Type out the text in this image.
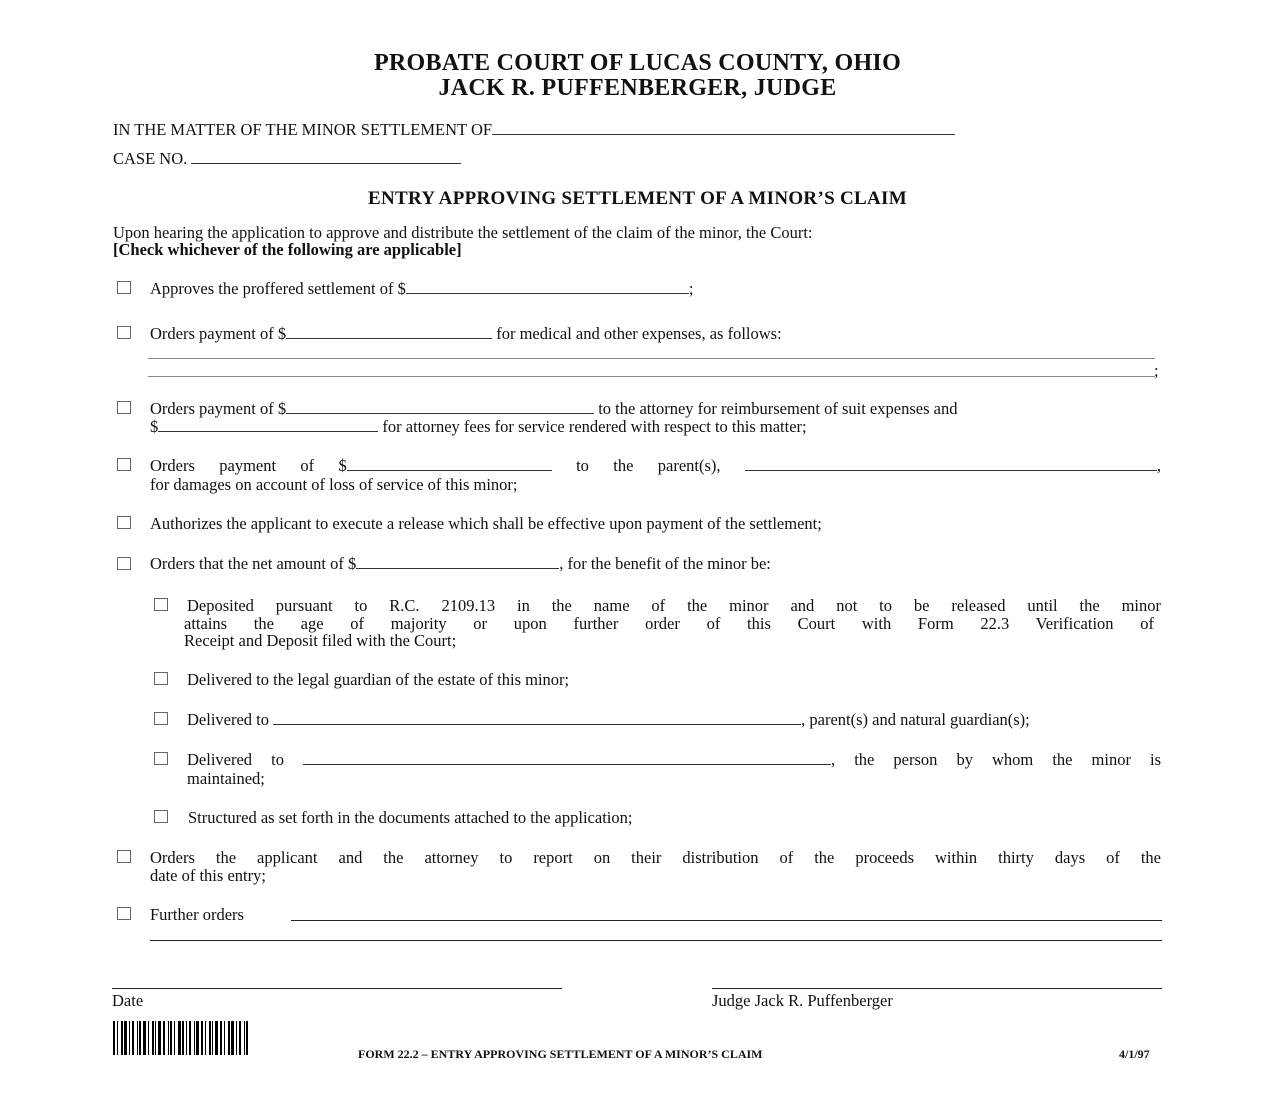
PROBATE COURT OF LUCAS COUNTY, OHIO
JACK R. PUFFENBERGER, JUDGE
IN THE MATTER OF THE MINOR SETTLEMENT OF
CASE NO.
ENTRY APPROVING SETTLEMENT OF A MINOR’S CLAIM
Upon hearing the application to approve and distribute the settlement of the claim of the minor, the Court:
[Check whichever of the following are applicable]
Approves the proffered settlement of $	;
Orders payment of $	for medical and other expenses, as follows:
;
Orders payment of $	to the attorney for reimbursement of suit expenses and
$	for attorney fees for service rendered with respect to this matter;
Orders payment of $	to the parent(s),	,
for damages on account of loss of service of this minor;
Authorizes the applicant to execute a release which shall be effective upon payment of the settlement;
Orders that the net amount of $	, for the benefit of the minor be:
Deposited pursuant to R.C. 2109.13 in the name of the minor and not to be released until the minor
attains the age of majority or upon further order of this Court with Form 22.3 Verification of
Receipt and Deposit filed with the Court;
Delivered to the legal guardian of the estate of this minor;
Delivered to	, parent(s) and natural guardian(s);
Delivered to	, the person by whom the minor is
maintained;
Structured as set forth in the documents attached to the application;
Orders the applicant and the attorney to report on their distribution of the proceeds within thirty days of the
date of this entry;
Further orders
Date	Judge Jack R. Puffenberger
FORM 22.2 – ENTRY APPROVING SETTLEMENT OF A MINOR’S CLAIM	4/1/97
